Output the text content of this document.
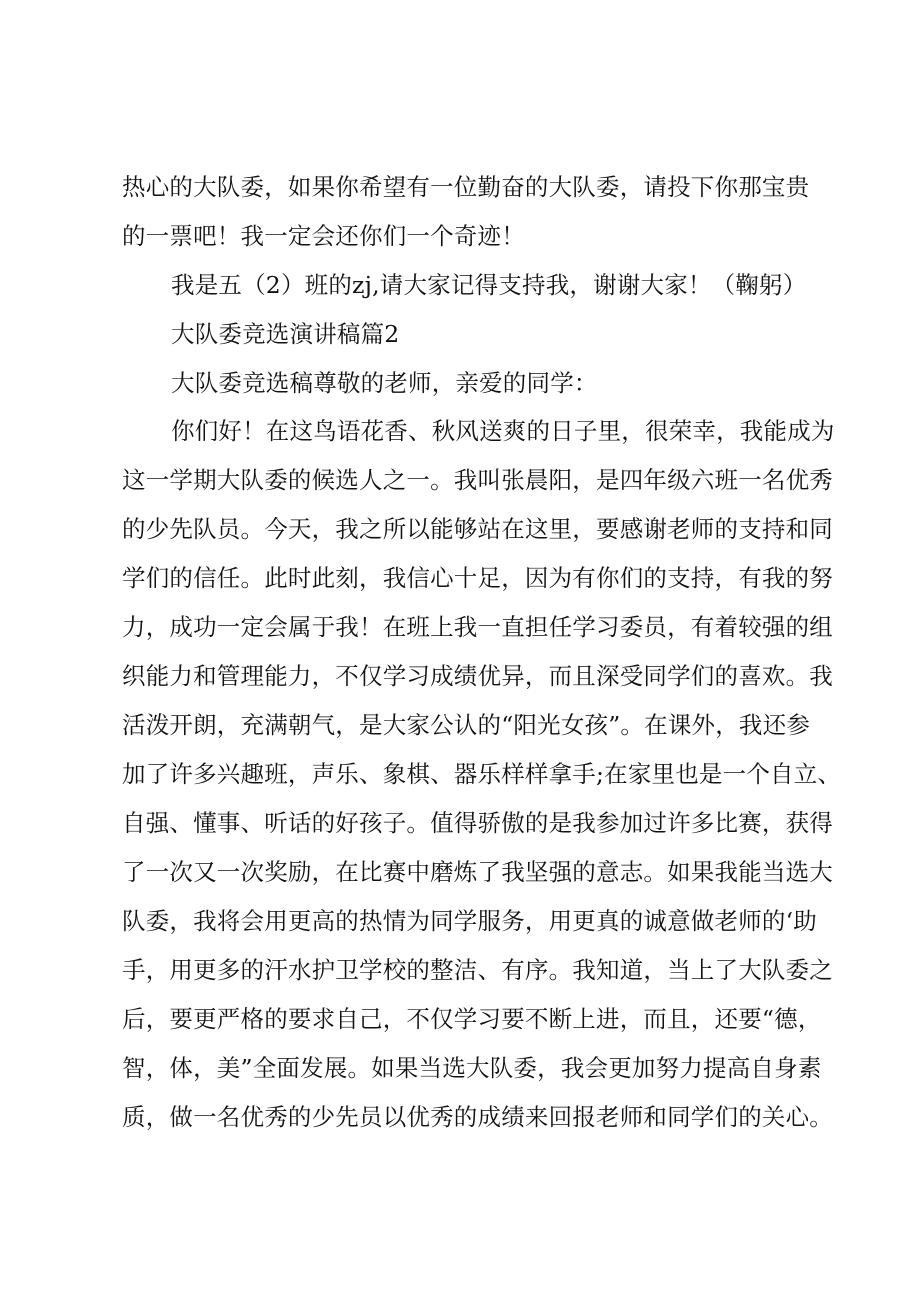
热心的大队委，如果你希望有一位勤奋的大队委，请投下你那宝贵
的一票吧！我一定会还你们一个奇迹！
我是五（2）班的zj,请大家记得支持我，谢谢大家！（鞠躬）
大队委竞选演讲稿篇2
大队委竞选稿尊敬的老师，亲爱的同学：
你们好！在这鸟语花香、秋风送爽的日子里，很荣幸，我能成为
这一学期大队委的候选人之一。我叫张晨阳，是四年级六班一名优秀
的少先队员。今天，我之所以能够站在这里，要感谢老师的支持和同
学们的信任。此时此刻，我信心十足，因为有你们的支持，有我的努
力，成功一定会属于我！在班上我一直担任学习委员，有着较强的组
织能力和管理能力，不仅学习成绩优异，而且深受同学们的喜欢。我
活泼开朗，充满朝气，是大家公认的“阳光女孩”。在课外，我还参
加了许多兴趣班，声乐、象棋、器乐样样拿手;在家里也是一个自立、
自强、懂事、听话的好孩子。值得骄傲的是我参加过许多比赛，获得
了一次又一次奖励，在比赛中磨炼了我坚强的意志。如果我能当选大
队委，我将会用更高的热情为同学服务，用更真的诚意做老师的‘助
手，用更多的汗水护卫学校的整洁、有序。我知道，当上了大队委之
后，要更严格的要求自己，不仅学习要不断上进，而且，还要“德，
智，体，美”全面发展。如果当选大队委，我会更加努力提高自身素
质，做一名优秀的少先员以优秀的成绩来回报老师和同学们的关心。
